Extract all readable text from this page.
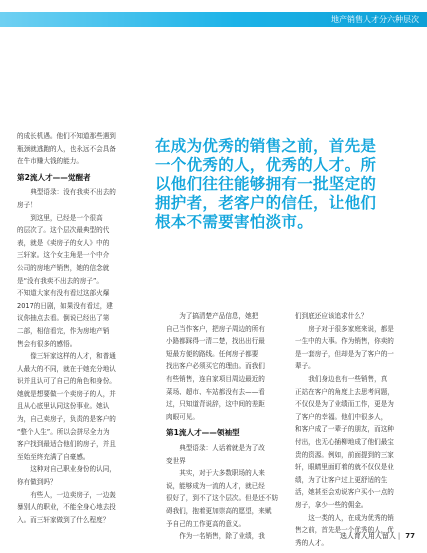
地产销售人才分六种层次

的成长机遇。他们不知道那些遇到

瓶颈就逃跑的人，也永远不会具备

在牛市赚大钱的能力。

第2流人才——觉醒者

典型语录：没有我卖不出去的

房子！

到这里，已经是一个很高

的层次了。这个层次最典型的代

表，就是《卖房子的女人》中的

三轩家。这个女主角是一个中介

公司的房地产销售，她的信念就

是“没有我卖不出去的房子”。

不知道大家有没有看过这部火爆

2017的日剧，如果没有看过，建

议你抽点去看。倒说已经出了第

二部，相信看完，作为房地产销

售会有很多的感悟。

像三轩家这样的人才，和普通

人最大的不同，就在于她充分地认

识并且认可了自己的角色和身份。

她就是想要做一个卖房子的人，并

且从心底里认同这份事业。她认

为，自己卖房子，负责的是客户的

“整个人生”。所以会拼尽全力为

客户找到最适合他们的房子，并且

至始至终充满了自豪感。

这种对自己职业身份的认同，

你有做到吗？

有些人，一边卖房子，一边轰

暴别人的职业，不能全身心地去投

入。而三轩家做到了什么程度？

在成为优秀的销售之前，首先是
一个优秀的人，优秀的人才。所
以他们往往能够拥有一批坚定的
拥护者，老客户的信任，让他们
根本不需要害怕淡市。

为了搞清楚产品信息，她把

自己当作客户，把房子周边的所有

小路都踩得一清二楚，找出出行最

短最方便的路线。任何房子都要

找出客户必须买它的理由。而我们

有些销售，连自家项目周边最近的

菜场、超市、车站都没有去——看

过，只知道背说辞，这中间的差距

肉眼可见。

第1流人才——领袖型

典型语录：人话着就是为了改

变世界

其实，对于大多数职场的人来

说，能够成为一流的人才，就已经

很好了，到不了这个层次。但是还不妨

碍我们，抱着更加崇高的愿望，来赋

予自己的工作更高的意义。

作为一名销售，除了业绩，我

们到底还应该追求什么？

房子对于很多家庭来说，都是

一生中的大事。作为销售，你卖的

是一套房子，但却是为了客户的一

辈子。

我们身边也有一些销售，真

正站在客户的角度上去思考问题，

不仅仅是为了业绩而工作，更是为

了客户的幸福。他们中很多人，

和客户成了一辈子的朋友，而这种

付出，也无心插柳地成了他们最宝

贵的资源。例如，前面提到的三家

轩，眼睛里面盯着的就不仅仅是业

绩，为了让客户过上更舒适的生

活，她甚至会劝说客户买小一点的

房子，拿少一些的佣金。

这一类的人，在成为优秀的销

售之前，首先是一个优秀的人，优

秀的人才。

选人育人用人留人 | 77
